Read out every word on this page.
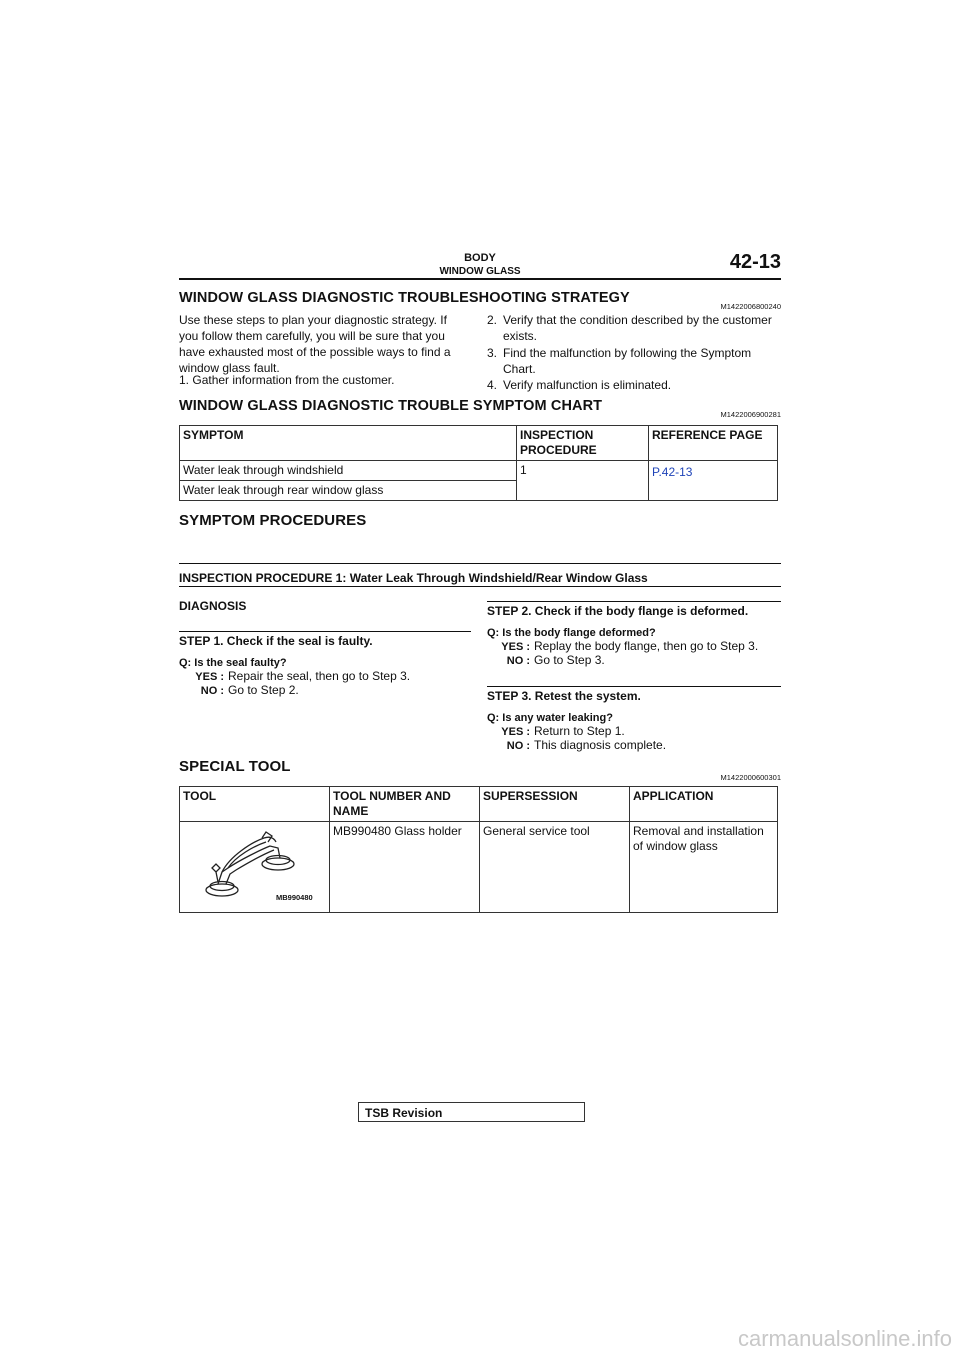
BODY
WINDOW GLASS	42-13
WINDOW GLASS DIAGNOSTIC TROUBLESHOOTING STRATEGY
M1422006800240
Use these steps to plan your diagnostic strategy. If you follow them carefully, you will be sure that you have exhausted most of the possible ways to find a window glass fault.
1. Gather information from the customer.
2. Verify that the condition described by the customer exists.
3. Find the malfunction by following the Symptom Chart.
4. Verify malfunction is eliminated.
WINDOW GLASS DIAGNOSTIC TROUBLE SYMPTOM CHART
M1422006900281
SYMPTOM	INSPECTION PROCEDURE	REFERENCE PAGE
Water leak through windshield	1	P.42-13
Water leak through rear window glass		
SYMPTOM PROCEDURES
INSPECTION PROCEDURE 1: Water Leak Through Windshield/Rear Window Glass
DIAGNOSIS
STEP 1. Check if the seal is faulty.
Q: Is the seal faulty?
YES : Repair the seal, then go to Step 3.
NO : Go to Step 2.
STEP 2. Check if the body flange is deformed.
Q: Is the body flange deformed?
YES : Replay the body flange, then go to Step 3.
NO : Go to Step 3.
STEP 3. Retest the system.
Q: Is any water leaking?
YES : Return to Step 1.
NO : This diagnosis complete.
SPECIAL TOOL
M1422000600301
TOOL	TOOL NUMBER AND NAME	SUPERSESSION	APPLICATION

MB990480	MB990480 Glass holder	General service tool	Removal and installation of window glass
TSB Revision
carmanualsonline.info
